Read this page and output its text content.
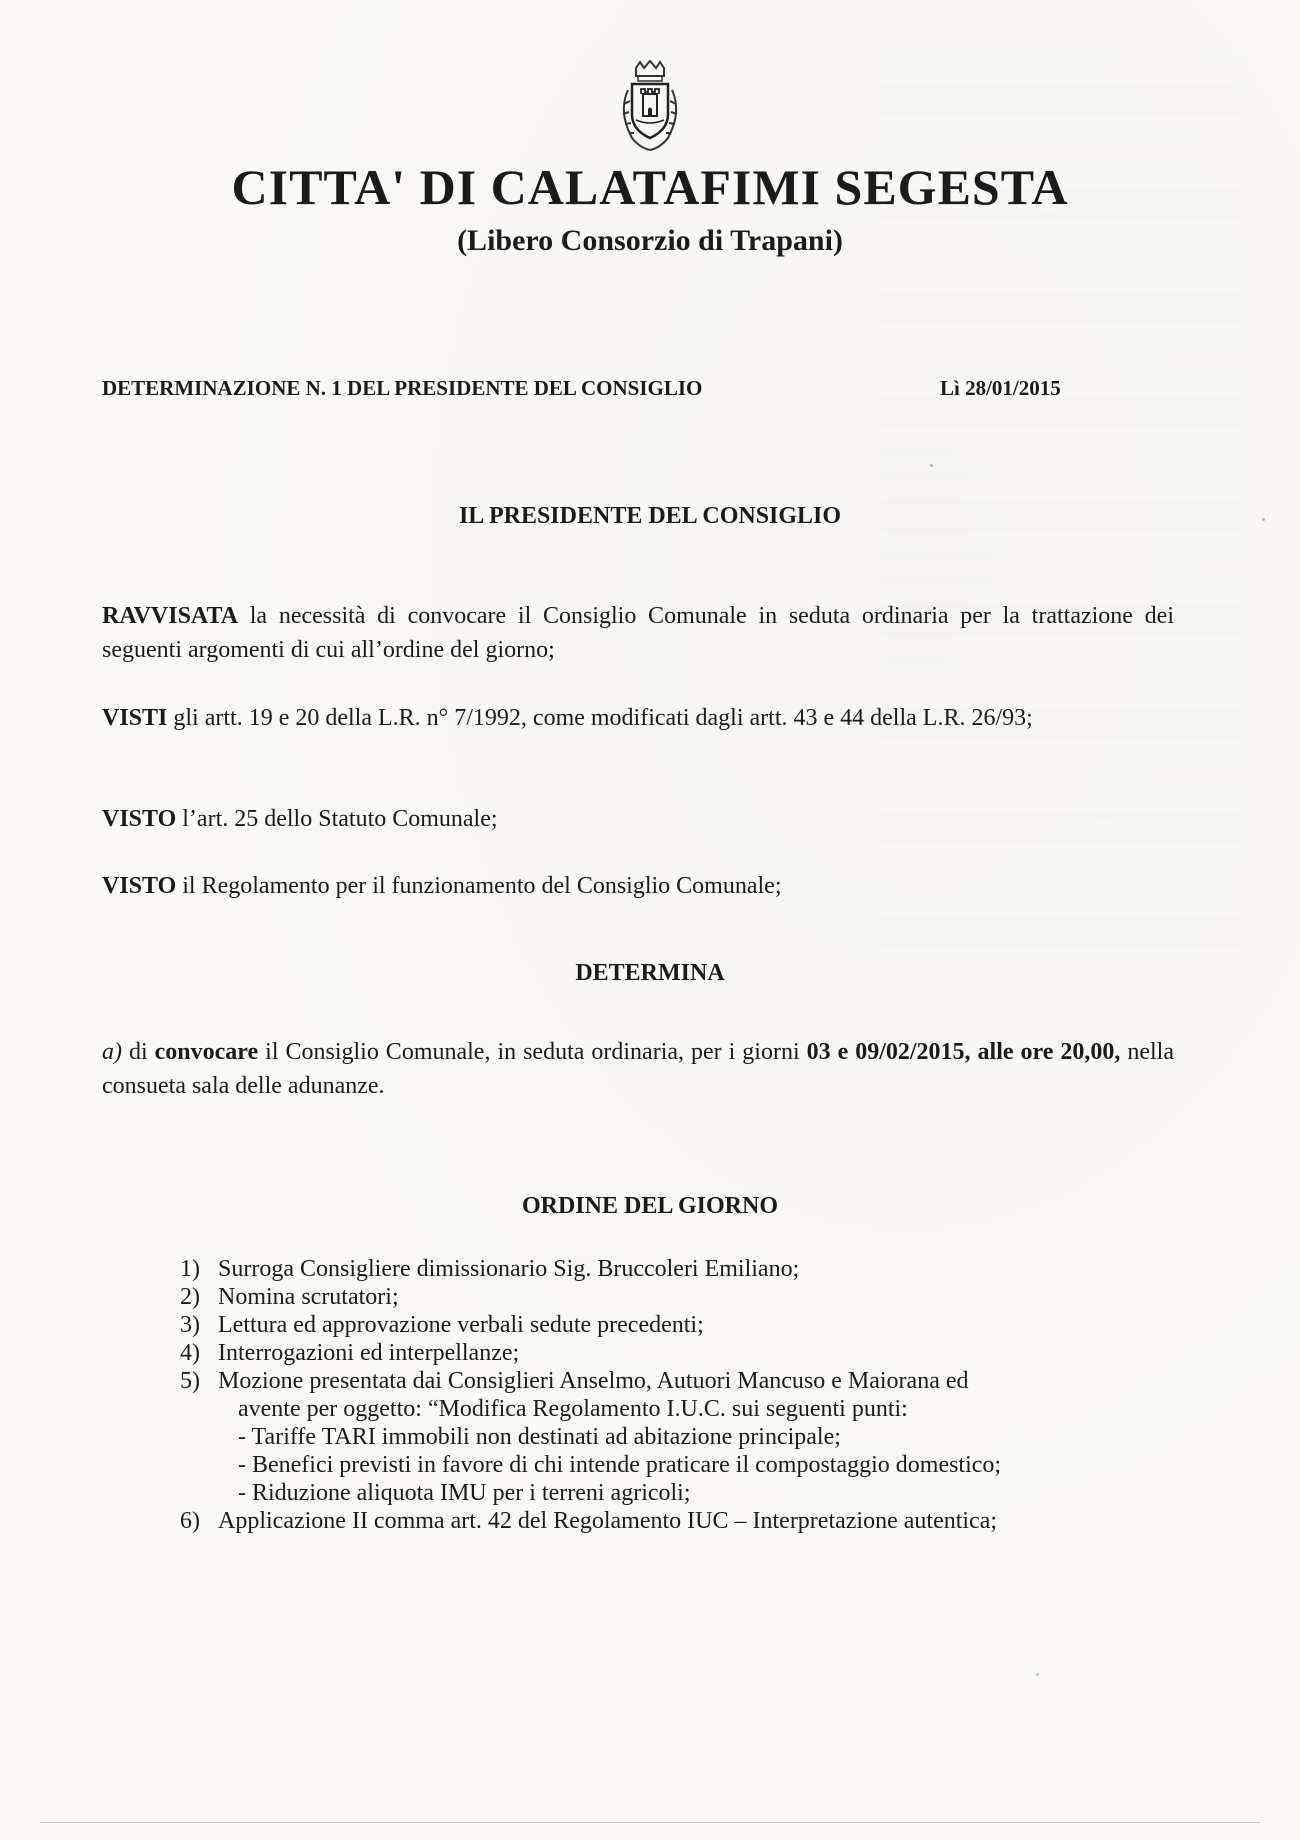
CITTA' DI CALATAFIMI SEGESTA
(Libero Consorzio di Trapani)
DETERMINAZIONE N. 1 DEL PRESIDENTE DEL CONSIGLIO	Lì 28/01/2015
IL PRESIDENTE DEL CONSIGLIO

RAVVISATA la necessità di convocare il Consiglio Comunale in seduta ordinaria per la trattazione dei seguenti argomenti di cui all’ordine del giorno;

VISTI gli artt. 19 e 20 della L.R. n° 7/1992, come modificati dagli artt. 43 e 44 della L.R. 26/93;

VISTO l’art. 25 dello Statuto Comunale;

VISTO il Regolamento per il funzionamento del Consiglio Comunale;

DETERMINA

a) di convocare il Consiglio Comunale, in seduta ordinaria, per i giorni 03 e 09/02/2015, alle ore 20,00, nella consueta sala delle adunanze.

ORDINE DEL GIORNO
1) Surroga Consigliere dimissionario Sig. Bruccoleri Emiliano;
2) Nomina scrutatori;
3) Lettura ed approvazione verbali sedute precedenti;
4) Interrogazioni ed interpellanze;
5) Mozione presentata dai Consiglieri Anselmo, Autuori Mancuso e Maiorana ed
avente per oggetto: “Modifica Regolamento I.U.C. sui seguenti punti:
- Tariffe TARI immobili non destinati ad abitazione principale;
- Benefici previsti in favore di chi intende praticare il compostaggio domestico;
- Riduzione aliquota IMU per i terreni agricoli;
6) Applicazione II comma art. 42 del Regolamento IUC – Interpretazione autentica;
